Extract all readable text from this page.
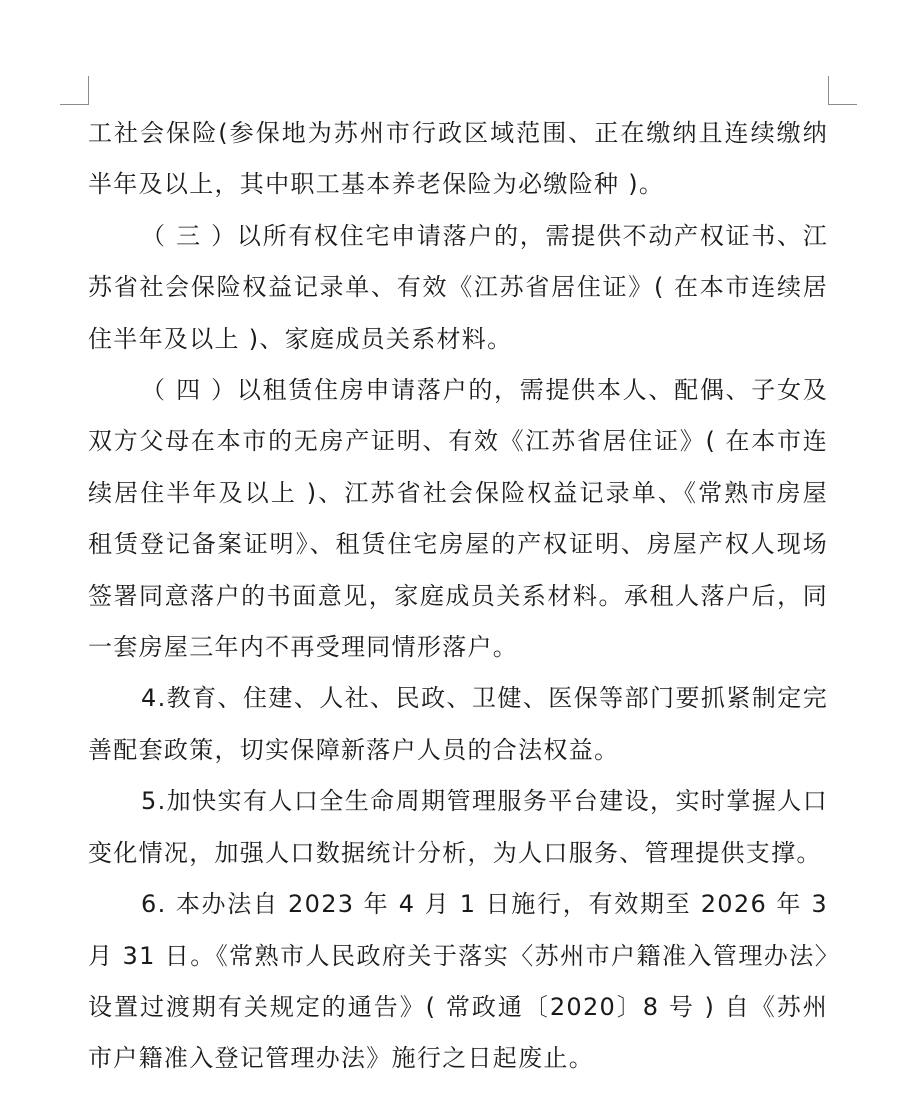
工社会保险(参保地为苏州市行政区域范围、正在缴纳且连续缴纳半年及以上，其中职工基本养老保险为必缴险种 )。

（ 三 ）以所有权住宅申请落户的，需提供不动产权证书、江苏省社会保险权益记录单、有效《江苏省居住证》( 在本市连续居住半年及以上 )、家庭成员关系材料。

（ 四 ）以租赁住房申请落户的，需提供本人、配偶、子女及双方父母在本市的无房产证明、有效《江苏省居住证》( 在本市连续居住半年及以上 )、江苏省社会保险权益记录单、《常熟市房屋租赁登记备案证明》、租赁住宅房屋的产权证明、房屋产权人现场签署同意落户的书面意见，家庭成员关系材料。承租人落户后，同一套房屋三年内不再受理同情形落户。

4.教育、住建、人社、民政、卫健、医保等部门要抓紧制定完善配套政策，切实保障新落户人员的合法权益。

5.加快实有人口全生命周期管理服务平台建设，实时掌握人口变化情况，加强人口数据统计分析，为人口服务、管理提供支撑。

6. 本办法自 2023 年 4 月 1 日施行，有效期至 2026 年 3 月 31 日。《常熟市人民政府关于落实〈苏州市户籍准入管理办法〉设置过渡期有关规定的通告》( 常政通〔2020〕8 号 ) 自《苏州市户籍准入登记管理办法》施行之日起废止。
